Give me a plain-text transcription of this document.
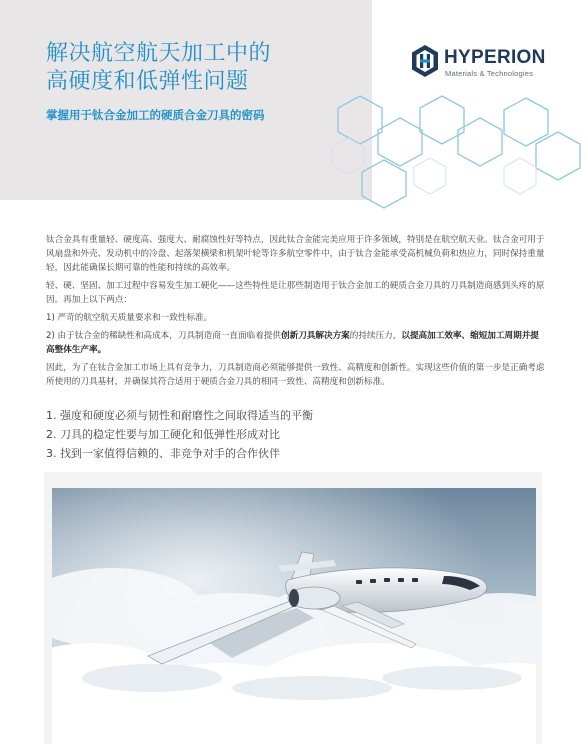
解决航空航天加工中的
高硬度和低弹性问题
掌握用于钛合金加工的硬质合金刀具的密码
HYPERION
Materials & Technologies

钛合金具有重量轻、硬度高、强度大、耐腐蚀性好等特点，因此钛合金能完美应用于许多领域，特别是在航空航天业。钛合金可用于风扇盘和外壳、发动机中的冷盘、起落架横梁和机架叶轮等许多航空零件中，由于钛合金能承受高机械负荷和热应力，同时保持重量轻，因此能确保长期可靠的性能和持续的高效率。

轻、硬、坚固、加工过程中容易发生加工硬化——这些特性是让那些制造用于钛合金加工的硬质合金刀具的刀具制造商感到头疼的原因。再加上以下两点：

1) 严苛的航空航天质量要求和一致性标准。

2) 由于钛合金的稀缺性和高成本，刀具制造商一直面临着提供创新刀具解决方案的持续压力，以提高加工效率、缩短加工周期并提高整体生产率。

因此，为了在钛合金加工市场上具有竞争力，刀具制造商必须能够提供一致性、高精度和创新性。实现这些价值的第一步是正确考虑所使用的刀具基材，并确保其符合适用于硬质合金刀具的相同一致性、高精度和创新标准。

1. 强度和硬度必须与韧性和耐磨性之间取得适当的平衡
2. 刀具的稳定性要与加工硬化和低弹性形成对比
3. 找到一家值得信赖的、非竞争对手的合作伙伴
